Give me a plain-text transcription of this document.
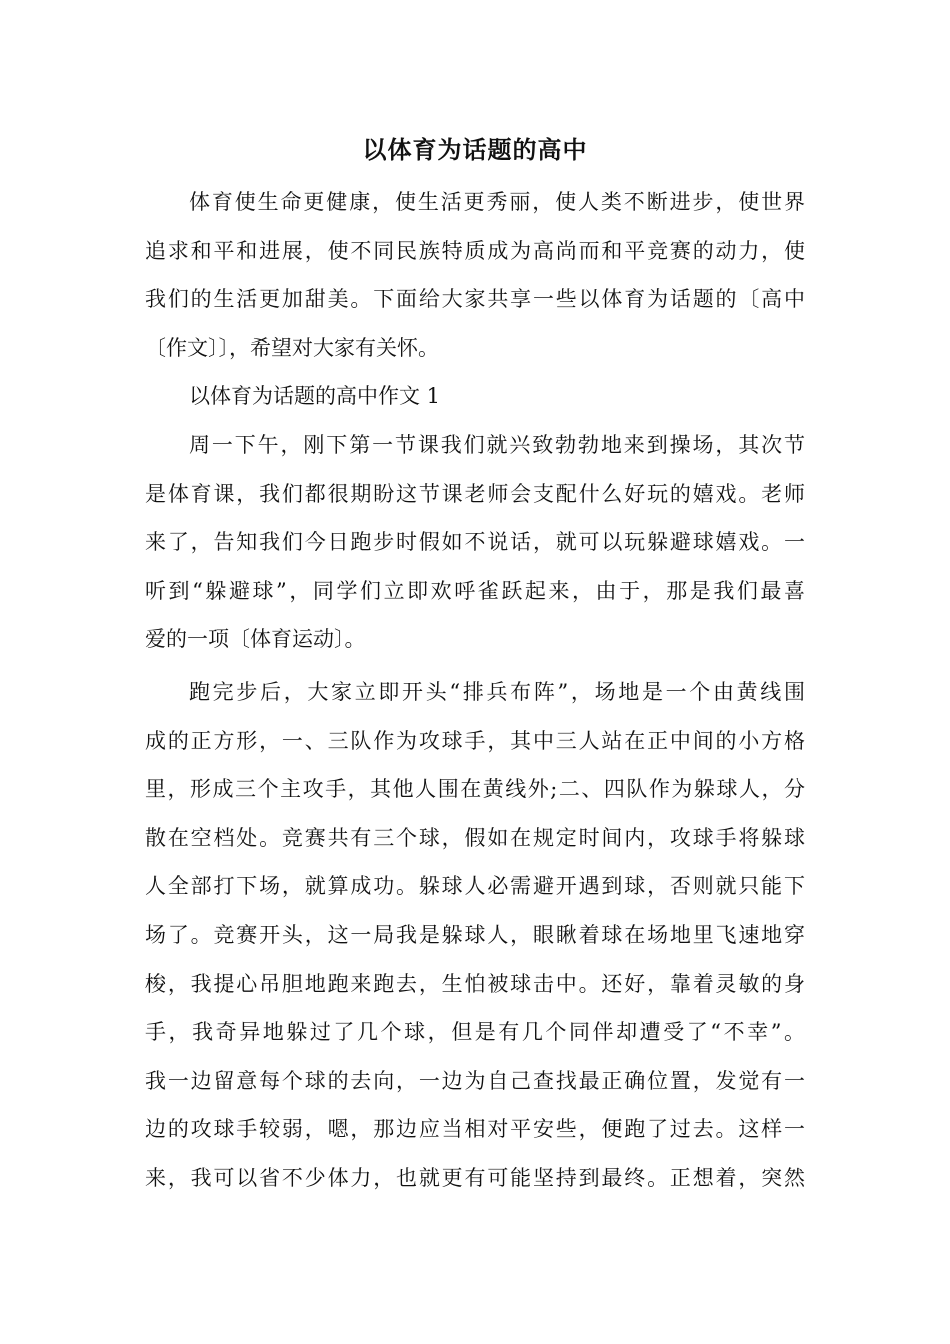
以体育为话题的高中
体育使生命更健康，使生活更秀丽，使人类不断进步，使世界
追求和平和进展，使不同民族特质成为高尚而和平竞赛的动力，使
我们的生活更加甜美。下面给大家共享一些以体育为话题的〔高中
〔作文〕〕，希望对大家有关怀。
以体育为话题的高中作文 1
周一下午，刚下第一节课我们就兴致勃勃地来到操场，其次节
是体育课，我们都很期盼这节课老师会支配什么好玩的嬉戏。老师
来了，告知我们今日跑步时假如不说话，就可以玩躲避球嬉戏。一
听到“躲避球”，同学们立即欢呼雀跃起来，由于，那是我们最喜
爱的一项〔体育运动〕。
跑完步后，大家立即开头“排兵布阵”，场地是一个由黄线围
成的正方形，一、三队作为攻球手，其中三人站在正中间的小方格
里，形成三个主攻手，其他人围在黄线外;二、四队作为躲球人，分
散在空档处。竞赛共有三个球，假如在规定时间内，攻球手将躲球
人全部打下场，就算成功。躲球人必需避开遇到球，否则就只能下
场了。竞赛开头，这一局我是躲球人，眼瞅着球在场地里飞速地穿
梭，我提心吊胆地跑来跑去，生怕被球击中。还好，靠着灵敏的身
手，我奇异地躲过了几个球，但是有几个同伴却遭受了“不幸”。
我一边留意每个球的去向，一边为自己查找最正确位置，发觉有一
边的攻球手较弱，嗯，那边应当相对平安些，便跑了过去。这样一
来，我可以省不少体力，也就更有可能坚持到最终。正想着，突然
